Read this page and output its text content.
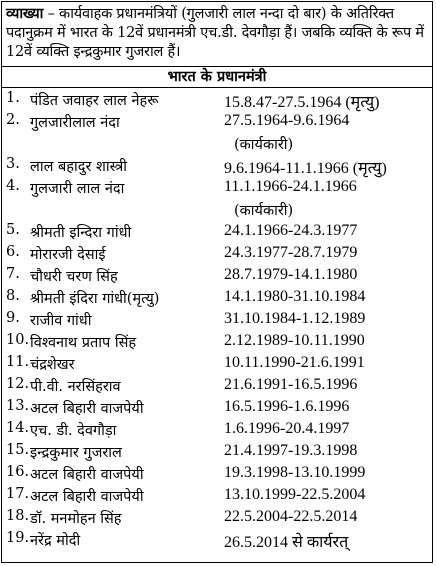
व्याख्या – कार्यवाहक प्रधानमंत्रियों (गुलजारी लाल नन्दा दो बार) के अतिरिक्त पदानुक्रम में भारत के 12वें प्रधानमंत्री एच.डी. देवगौड़ा हैं। जबकि व्यक्ति के रूप में 12वें व्यक्ति इन्द्रकुमार गुजराल हैं।
भारत के प्रधानमंत्री
1. पंडित जवाहर लाल नेहरू	15.8.47-27.5.1964 (मृत्यु)
2. गुलजारीलाल नंदा	27.5.1964-9.6.1964
(कार्यकारी)
3. लाल बहादुर शास्त्री	9.6.1964-11.1.1966 (मृत्यु)
4. गुलजारी लाल नंदा	11.1.1966-24.1.1966
(कार्यकारी)
5. श्रीमती इन्दिरा गांधी	24.1.1966-24.3.1977
6. मोरारजी देसाई	24.3.1977-28.7.1979
7. चौधरी चरण सिंह	28.7.1979-14.1.1980
8. श्रीमती इंदिरा गांधी(मृत्यु)	14.1.1980-31.10.1984
9. राजीव गांधी	31.10.1984-1.12.1989
10. विश्वनाथ प्रताप सिंह	2.12.1989-10.11.1990
11. चंद्रशेखर	10.11.1990-21.6.1991
12. पी.वी. नरसिंहराव	21.6.1991-16.5.1996
13. अटल बिहारी वाजपेयी	16.5.1996-1.6.1996
14. एच. डी. देवगौड़ा	1.6.1996-20.4.1997
15. इन्द्रकुमार गुजराल	21.4.1997-19.3.1998
16. अटल बिहारी वाजपेयी	19.3.1998-13.10.1999
17. अटल बिहारी वाजपेयी	13.10.1999-22.5.2004
18. डॉ. मनमोहन सिंह	22.5.2004-22.5.2014
19. नरेंद्र मोदी	26.5.2014 से कार्यरत्
